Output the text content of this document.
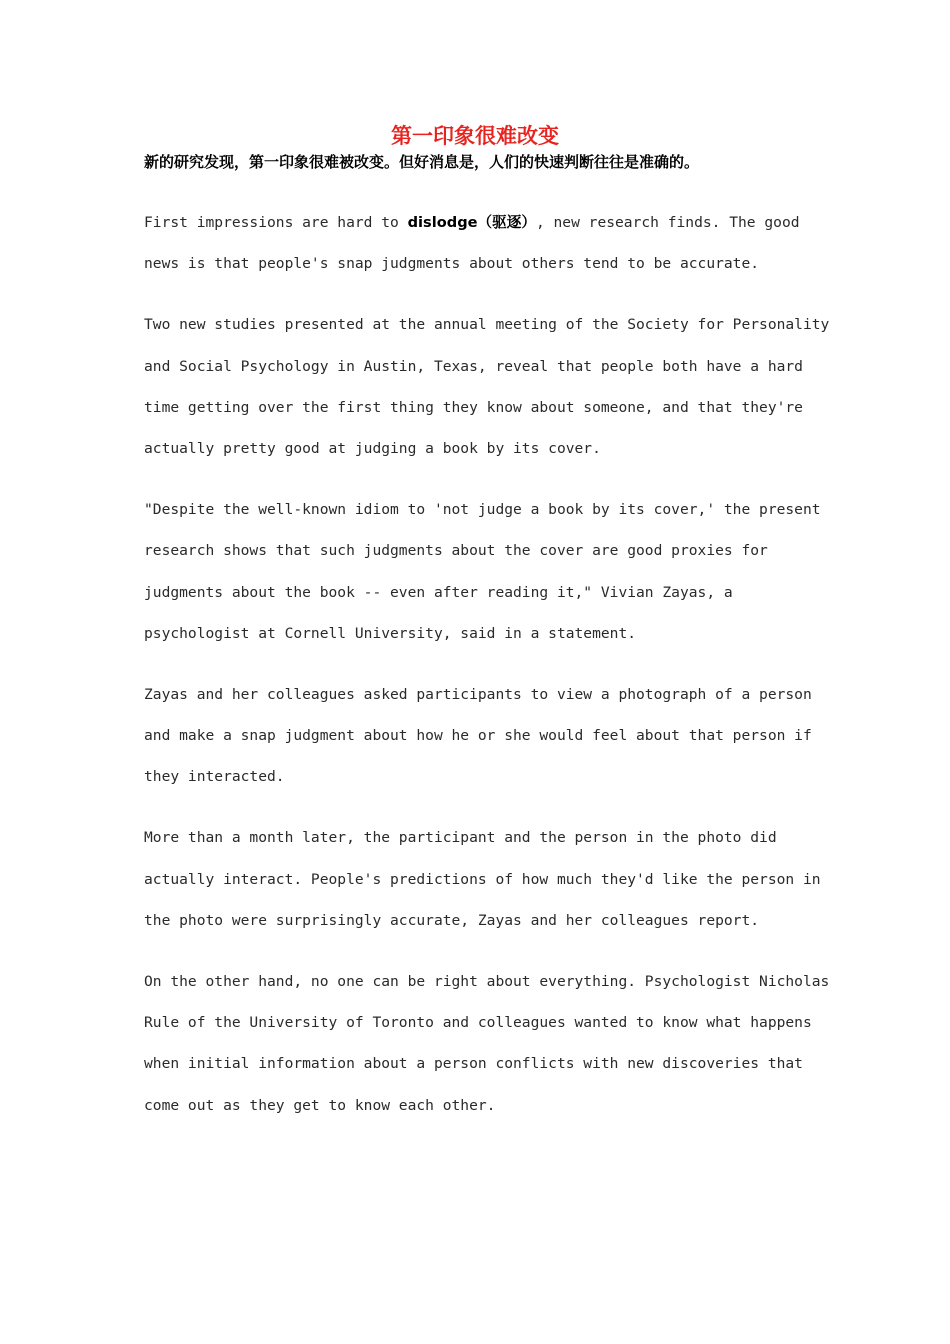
第一印象很难改变
新的研究发现，第一印象很难被改变。但好消息是，人们的快速判断往往是准确的。
First impressions are hard to dislodge（驱逐）, new research finds. The good
news is that people's snap judgments about others tend to be accurate.
Two new studies presented at the annual meeting of the Society for Personality
and Social Psychology in Austin, Texas, reveal that people both have a hard
time getting over the first thing they know about someone, and that they're
actually pretty good at judging a book by its cover.
"Despite the well-known idiom to 'not judge a book by its cover,' the present
research shows that such judgments about the cover are good proxies for
judgments about the book -- even after reading it," Vivian Zayas, a
psychologist at Cornell University, said in a statement.
Zayas and her colleagues asked participants to view a photograph of a person
and make a snap judgment about how he or she would feel about that person if
they interacted.
More than a month later, the participant and the person in the photo did
actually interact. People's predictions of how much they'd like the person in
the photo were surprisingly accurate, Zayas and her colleagues report.
On the other hand, no one can be right about everything. Psychologist Nicholas
Rule of the University of Toronto and colleagues wanted to know what happens
when initial information about a person conflicts with new discoveries that
come out as they get to know each other.
